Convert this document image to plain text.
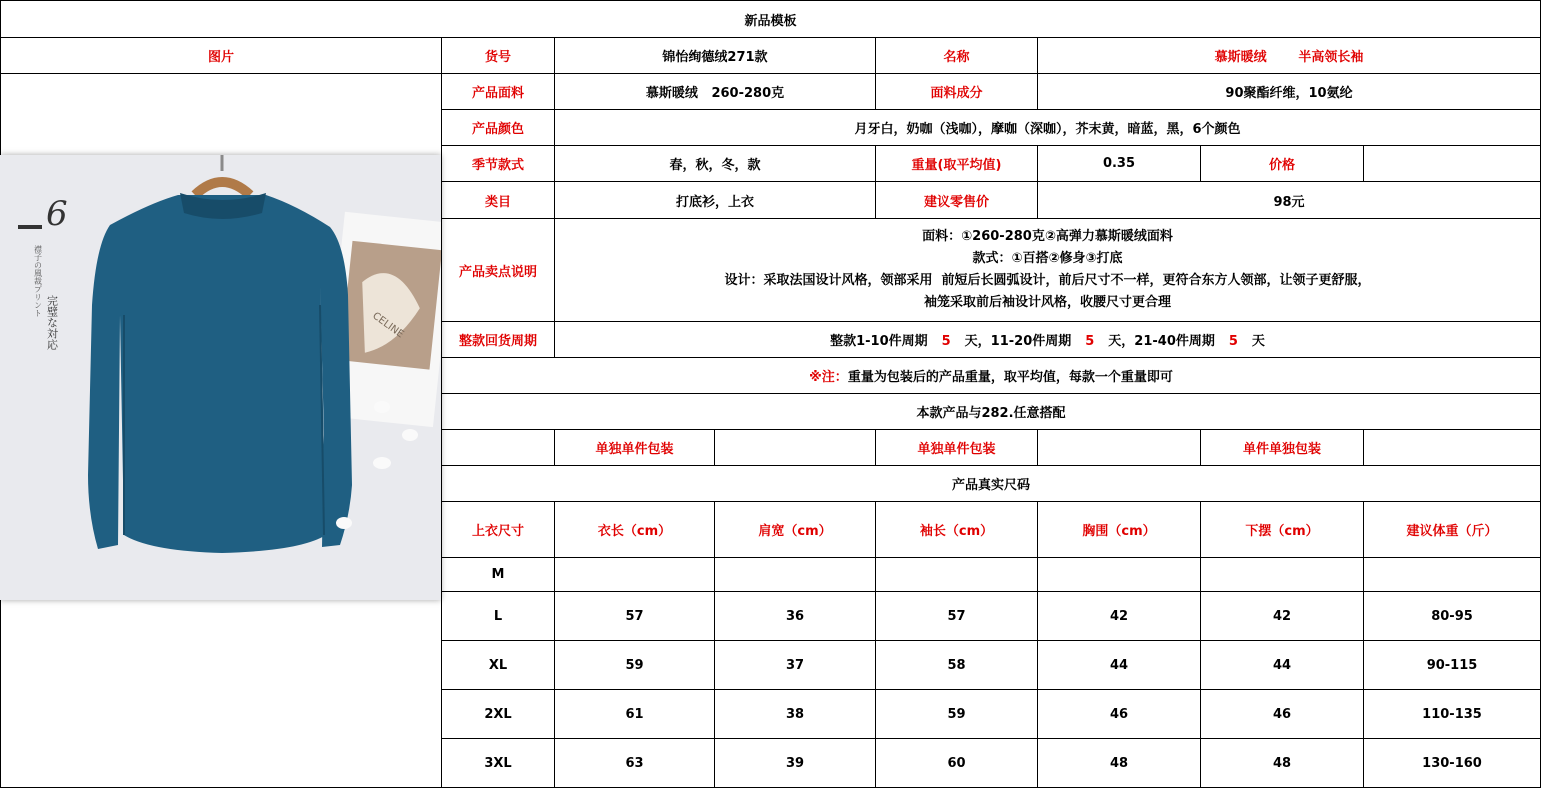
新品模板							
图片	货号	锦怡绚德绒271款		名称	慕斯暖绒 半高领长袖		
	产品面料	慕斯暖绒   260-280克		面料成分	90聚酯纤维，10氨纶		
	产品颜色	月牙白，奶咖（浅咖），摩咖（深咖），芥末黄，暗蓝，黑，6个颜色					
	季节款式	春，秋，冬，款		重量(取平均值)	0.35	价格	
	类目	打底衫，上衣		建议零售价	98元		
	产品卖点说明	面料：①260-280克②高弹力慕斯暖绒面料
款式：①百搭②修身③打底
设计：采取法国设计风格，领部采用  前短后长圆弧设计，前后尺寸不一样，更符合东方人领部，让领子更舒服，
袖笼采取前后袖设计风格，收腰尺寸更合理					

	整款回货周期	整款1-10件周期 5 天，11-20件周期 5 天，21-40件周期 5 天					
	※注：重量为包装后的产品重量，取平均值，每款一个重量即可						
	本款产品与282.任意搭配						
		单独单件包装		单独单件包装		单件单独包装	
	产品真实尺码						
	上衣尺寸	衣长（cm）	肩宽（cm）	袖长（cm）	胸围（cm）	下摆（cm）	建议体重（斤）
	M						
	L	57	36	57	42	42	80-95
	XL	59	37	58	44	44	90-115
	2XL	61	38	59	46	46	110-135
	3XL	63	39	60	48	48	130-160
CELINE
6
襟子の風裁プリント
完璧な対応
